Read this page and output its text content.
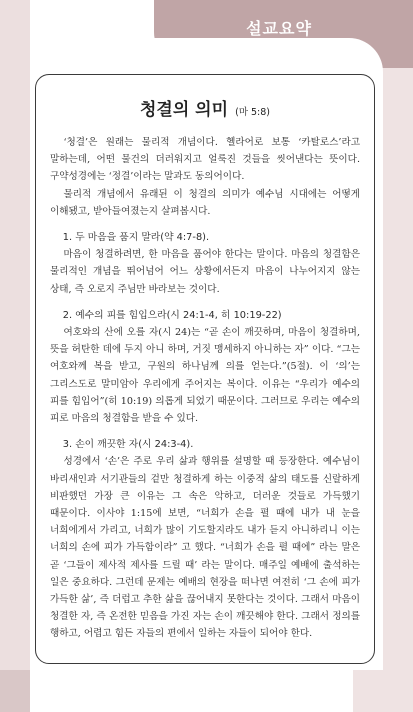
설교요약
청결의 의미 (마 5:8)

‘청결’은 원래는 물리적 개념이다. 헬라어로 보통 ‘카탈로스’라고 말하는데, 어떤 물건의 더러워지고 얼룩진 것들을 씻어낸다는 뜻이다. 구약성경에는 ‘정결’이라는 말과도 동의어이다.

물리적 개념에서 유래된 이 청결의 의미가 예수님 시대에는 어떻게 이해됐고, 받아들여졌는지 살펴봅시다.

1. 두 마음을 품지 말라(약 4:7-8).

마음이 청결하려면, 한 마음을 품어야 한다는 말이다. 마음의 청결함은 물리적인 개념을 뛰어넘어 어느 상황에서든지 마음이 나누어지지 않는 상태, 즉 오로지 주님만 바라보는 것이다.

2. 예수의 피를 힘입으라(시 24:1-4, 히 10:19-22)

여호와의 산에 오를 자(시 24)는 “곧 손이 깨끗하며, 마음이 청결하며, 뜻을 허탄한 데에 두지 아니 하며, 거짓 맹세하지 아니하는 자” 이다. “그는 여호와께 복을 받고, 구원의 하나님께 의를 얻는다.”(5절). 이 ‘의’는 그리스도로 말미암아 우리에게 주어지는 복이다. 이유는 “우리가 예수의 피를 힘입어”(히 10:19) 의롭게 되었기 때문이다. 그러므로 우리는 예수의 피로 마음의 청결함을 받을 수 있다.

3. 손이 깨끗한 자(시 24:3-4).

성경에서 ‘손’은 주로 우리 삶과 행위를 설명할 때 등장한다. 예수님이 바리새인과 서기관들의 겉만 청결하게 하는 이중적 삶의 태도를 신랄하게 비판했던 가장 큰 이유는 그 속은 악하고, 더러운 것들로 가득했기 때문이다. 이사야 1:15에 보면, “너희가 손을 펼 때에 내가 내 눈을 너희에게서 가리고, 너희가 많이 기도할지라도 내가 듣지 아니하리니 이는 너희의 손에 피가 가득함이라” 고 했다. “너희가 손을 펼 때에” 라는 말은 곧 ‘그들이 제사적 제사를 드릴 때’ 라는 말이다. 매주일 예배에 출석하는 일은 중요하다. 그런데 문제는 예배의 현장을 떠나면 여전히 ‘그 손에 피가 가득한 삶’, 즉 더럽고 추한 삶을 끊어내지 못한다는 것이다. 그래서 마음이 청결한 자, 즉 온전한 믿음을 가진 자는 손이 깨끗해야 한다. 그래서 정의를 행하고, 어렵고 힘든 자들의 편에서 일하는 자들이 되어야 한다.
